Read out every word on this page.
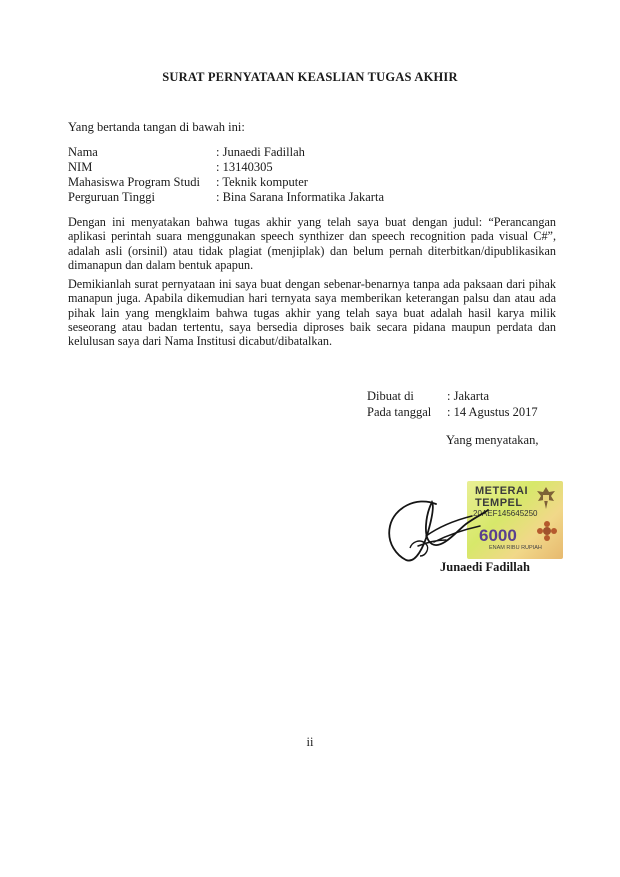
SURAT PERNYATAAN KEASLIAN TUGAS AKHIR
Yang bertanda tangan di bawah ini:
Nama	: Junaedi Fadillah
NIM	: 13140305
Mahasiswa Program Studi	: Teknik komputer
Perguruan Tinggi	: Bina Sarana Informatika Jakarta
Dengan ini menyatakan bahwa tugas akhir yang telah saya buat dengan judul: “Perancangan aplikasi perintah suara menggunakan speech synthizer dan speech recognition pada visual C#”, adalah asli (orsinil) atau tidak plagiat (menjiplak) dan belum pernah diterbitkan/dipublikasikan dimanapun dan dalam bentuk apapun.
Demikianlah surat pernyataan ini saya buat dengan sebenar-benarnya tanpa ada paksaan dari pihak manapun juga. Apabila dikemudian hari ternyata saya memberikan keterangan palsu dan atau ada pihak lain yang mengklaim bahwa tugas akhir yang telah saya buat adalah hasil karya milik seseorang atau badan tertentu, saya bersedia diproses baik secara pidana maupun perdata dan kelulusan saya dari Nama Institusi dicabut/dibatalkan.
Dibuat di	: Jakarta
Pada tanggal	: 14 Agustus 2017
Yang menyatakan,
METERAI
TEMPEL
20AEF145645250
6000
ENAM RIBU RUPIAH
Junaedi Fadillah
ii
